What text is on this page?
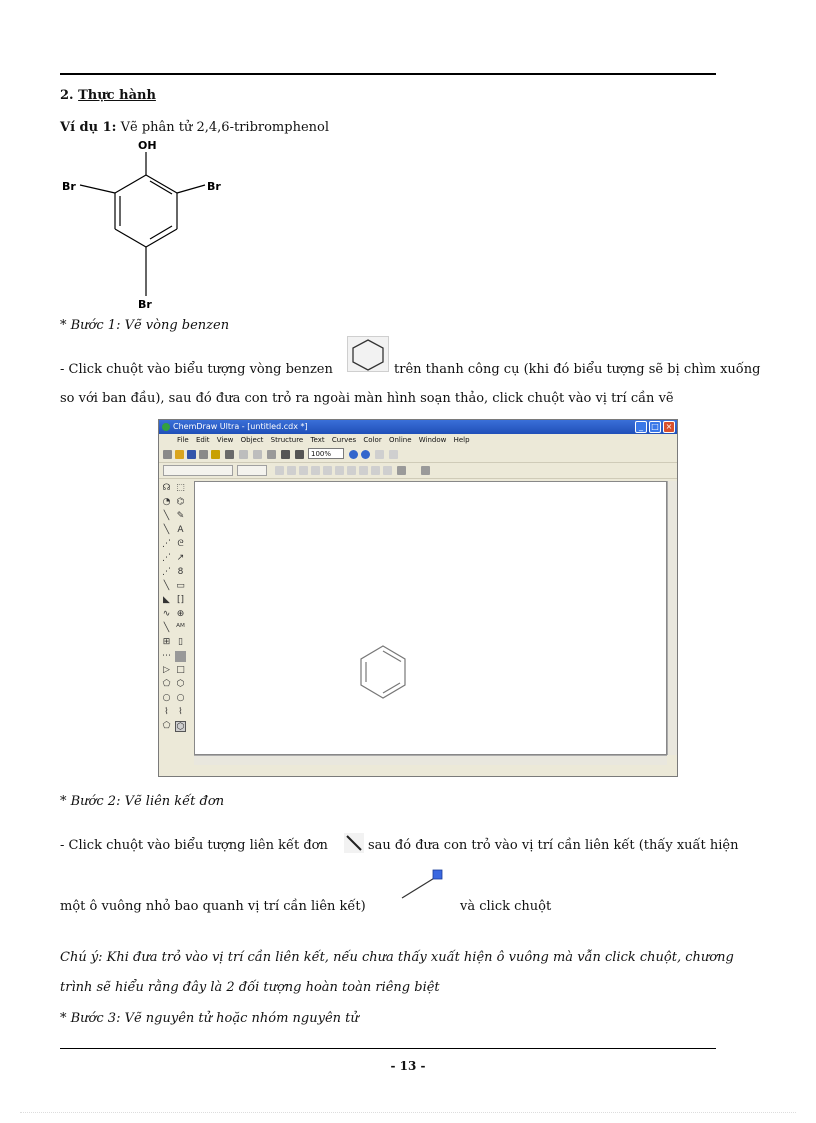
2. Thực hành
Ví dụ 1: Vẽ phân tử 2,4,6-tribromphenol
OH
Br	Br
Br
* Bước 1: Vẽ vòng benzen
- Click chuột vào biểu tượng vòng benzen	trên thanh công cụ (khi đó biểu tượng sẽ bị chìm xuống
so với ban đầu), sau đó đưa con trỏ ra ngoài màn hình soạn thảo, click chuột vào vị trí cần vẽ
ChemDraw Ultra - [untitled.cdx *]	_	□ ×
File Edit View Object Structure Text Curves Color Online Window Help
100%
☊ ⬚
◔ ⌬
╲ ✎
╲ A
⋰ ᘓ
⋰ ↗
⋰ 8
╲ ▭
◣ []
∿ ⊕
╲ ᴬᴹ
⊞ ▯
⋯
▷ □
⬠ ⬡
○ ○
⌇	⌇
⬠ ⬡
* Bước 2: Vẽ liên kết đơn
- Click chuột vào biểu tượng liên kết đơn	sau đó đưa con trỏ vào vị trí cần liên kết (thấy xuất hiện
một ô vuông nhỏ bao quanh vị trí cần liên kết)	và click chuột
Chú ý: Khi đưa trỏ vào vị trí cần liên kết, nếu chưa thấy xuất hiện ô vuông mà vẫn click chuột, chương
trình sẽ hiểu rằng đây là 2 đối tượng hoàn toàn riêng biệt
* Bước 3: Vẽ nguyên tử hoặc nhóm nguyên tử
- 13 -
